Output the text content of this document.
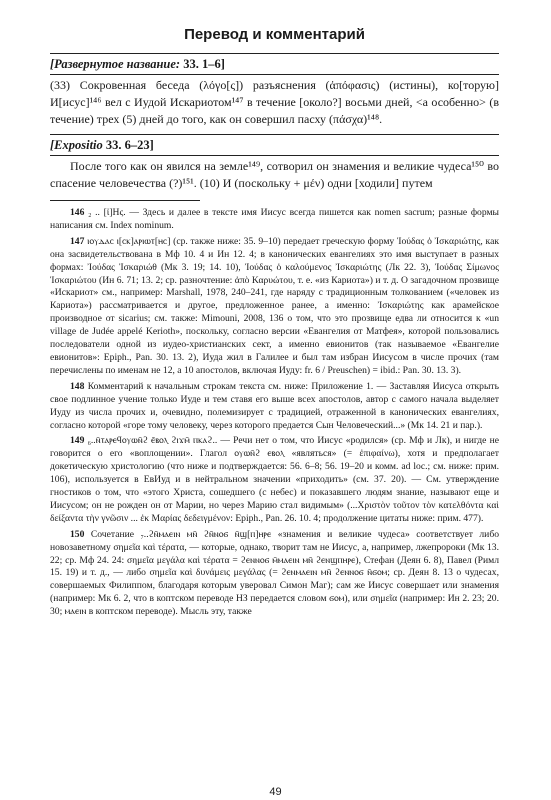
Перевод и комментарий
[Развернутое название: 33. 1–6]

(33) Сокровенная беседа (λόγο[ς]) разъяснения (ἀπόφασις) (истины), ко[торую] И[исус]¹⁴⁶ вел с Иудой Искариотом¹⁴⁷ в течение [около?] восьми дней, <а особенно> (в течение) трех (5) дней до того, как он совершил пасху (πάσχα)¹⁴⁸.

[Expositio 33. 6–23]

После того как он явился на земле¹⁴⁹, сотворил он знамения и великие чудеса¹⁵⁰ во спасение человечества (?)¹⁵¹. (10) И (поскольку + μέν) одни [ходили] путем

146 ₂ .. [ἰ]Ης. — Здесь и далее в тексте имя Иисус всегда пишется как nomen sacrum; разные формы написания см. Index nominum.

147 ⲓⲟⲩⲇⲁⲥ ⲓ[ⲥⲕ]ⲁⲣⲓⲱⲧ[ⲏⲥ] (ср. также ниже: 35. 9–10) передает греческую форму Ἰούδας ὁ Ἰσκαριώτης, как она засвидетельствована в Мф 10. 4 и Ин 12. 4; в канонических евангелиях это имя выступает в разных формах: Ἰούδας Ἰσκαριώθ (Мк 3. 19; 14. 10), Ἰούδας ὁ καλούμενος Ἰσκαριώτης (Лк 22. 3), Ἰούδας Σίμωνος Ἰσκαριώτου (Ин 6. 71; 13. 2; ср. разночтение: ἀπὸ Καρυώτου, т. е. «из Кариота») и т. д. О загадочном прозвище «Искариот» см., например: Marshall, 1978, 240–241, где наряду с традиционным толкованием («человек из Кариота») рассматривается и другое, предложенное ранее, а именно: Ἰσκαριώτης как арамейское производное от sicarius; см. также: Mimouni, 2008, 136 о том, что это прозвище едва ли относится к «un village de Judée appelé Kerioth», поскольку, согласно версии «Евангелия от Матфея», которой пользовались последователи одной из иудео-христианских сект, а именно евионитов (так называемое «Евангелие евионитов»: Epiph., Pan. 30. 13. 2), Иуда жил в Галилее и был там избран Иисусом в числе прочих (там перечислены по именам не 12, а 10 апостолов, включая Иуду: fr. 6 / Preuschen) = ibid.: Pan. 30. 13. 3).

148 Комментарий к начальным строкам текста см. ниже: Приложение 1. — Заставляя Иисуса открыть свое подлинное учение только Иуде и тем ставя его выше всех апостолов, автор с самого начала выделяет Иуду из числа прочих и, очевидно, полемизирует с традицией, отраженной в канонических евангелиях, согласно которой «горе тому человеку, через которого предается Сын Человеческий...» (Мк 14. 21 и пар.).

149 ₆..ⲛ̄ⲧⲁⲣⲉϥⲟⲩⲱⲛ̄ϩ ⲉ̄ⲃⲟⲗ ϩⲓϫⲙ̄ ⲡⲕⲁϩ.. — Речи нет о том, что Иисус «родился» (ср. Мф и Лк), и нигде не говорится о его «воплощении». Глагол ⲟⲩⲱⲛ̄ϩ ⲉⲃⲟⲗ «являться» (= ἐπιφαίνω), хотя и предполагает докетическую христологию (что ниже и подтверждается: 56. 6–8; 56. 19–20 и комм. ad loc.; см. ниже: прим. 106), используется в ЕвИуд и в нейтральном значении «приходить» (см. 37. 20). — См. утверждение гностиков о том, что «этого Христа, сошедшего (с небес) и показавшего людям знание, называют еще и Иисусом; он не рожден он от Марии, но через Марию стал видимым» (...Χριστὸν τοῦτον τὸν κατελθόντα καὶ δείξαντα τὴν γνῶσιν ... ἐκ Μαρίας δεδειγμένον: Epiph., Pan. 26. 10. 4; продолжение цитаты ниже: прим. 477).

150 Сочетание ₇..ϩⲛ̄ⲙⲁⲉⲓⲛ ⲙⲛ̄ ϩⲛ̄ⲛⲟϭ ⲛ̄ϣ[ⲡ]ⲏⲣⲉ «знамения и великие чудеса» соответствует либо новозаветному σημεῖα καὶ τέρατα, — которые, однако, творит там не Иисус, а, например, лжепророки (Мк 13. 22; ср. Мф 24. 24: σημεῖα μεγάλα καὶ τέρατα = ϩⲉⲛⲛⲟϭ ⲙ̄ⲙⲁⲉⲓⲛ ⲙⲛ̄ ϩⲉⲛϣⲡⲏⲣⲉ), Стефан (Деян 6. 8), Павел (Римл 15. 19) и т. д., — либо σημεῖα καὶ δυνάμεις μεγάλας (= ϩⲉⲛⲙⲁⲉⲓⲛ ⲙⲛ̄ ϩⲉⲛⲛⲟϭ ⲛ̄ϭⲟⲙ; ср. Деян 8. 13 о чудесах, совершаемых Филиппом, благодаря которым уверовал Симон Маг); сам же Иисус совершает или знамения (например: Мк 6. 2, что в коптском переводе НЗ передается словом ϭⲟⲙ), или σημεῖα (например: Ин 2. 23; 20. 30; ⲙⲁⲉⲓⲛ в коптском переводе). Мысль эту, также

49
